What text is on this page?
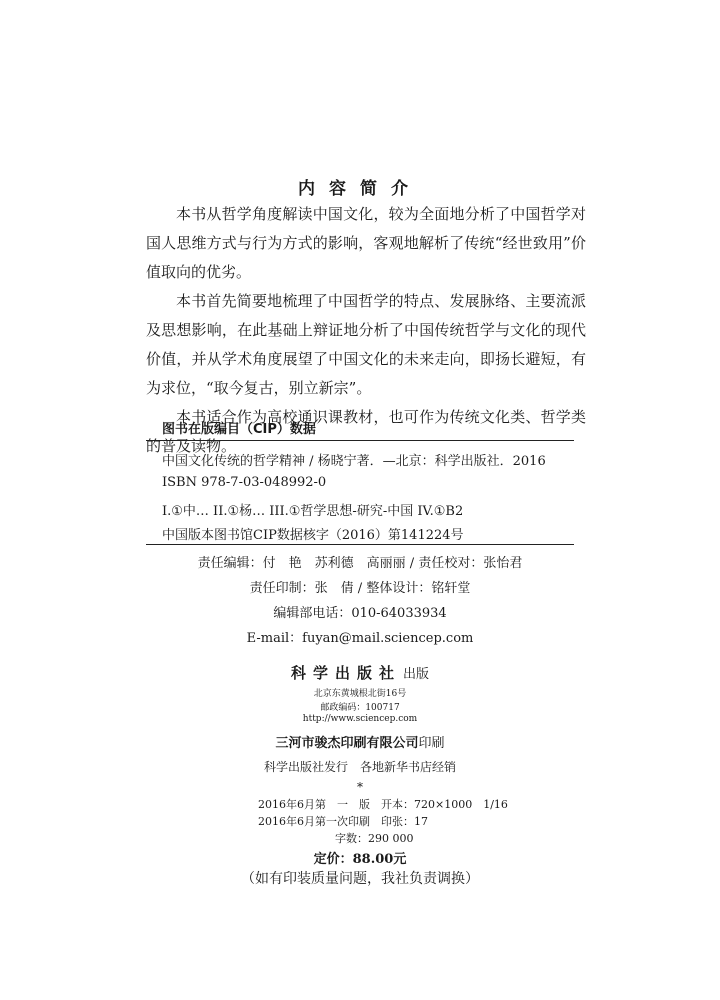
内容简介

本书从哲学角度解读中国文化，较为全面地分析了中国哲学对国人思维方式与行为方式的影响，客观地解析了传统“经世致用”价值取向的优劣。

本书首先简要地梳理了中国哲学的特点、发展脉络、主要流派及思想影响，在此基础上辩证地分析了中国传统哲学与文化的现代价值，并从学术角度展望了中国文化的未来走向，即扬长避短，有为求位，“取今复古，别立新宗”。

本书适合作为高校通识课教材，也可作为传统文化类、哲学类的普及读物。

图书在版编目（CIP）数据
中国文化传统的哲学精神 / 杨晓宁著．—北京：科学出版社．2016
ISBN 978-7-03-048992-0
I.①中… II.①杨… III.①哲学思想-研究-中国 IV.①B2
中国版本图书馆CIP数据核字（2016）第141224号
责任编辑：付　艳　苏利德　高丽丽 / 责任校对：张怡君
责任印制：张　倩 / 整体设计：铭轩堂
编辑部电话：010-64033934
E-mail：fuyan@mail.sciencep.com
科学出版社 出版
北京东黄城根北街16号
邮政编码：100717
http://www.sciencep.com
三河市骏杰印刷有限公司印刷
科学出版社发行　各地新华书店经销
*
2016年6月第　一　版　开本：720×1000　1/16
2016年6月第一次印刷　印张：17
　　　　　　　字数：290 000
定价：88.00元
（如有印装质量问题，我社负责调换）
